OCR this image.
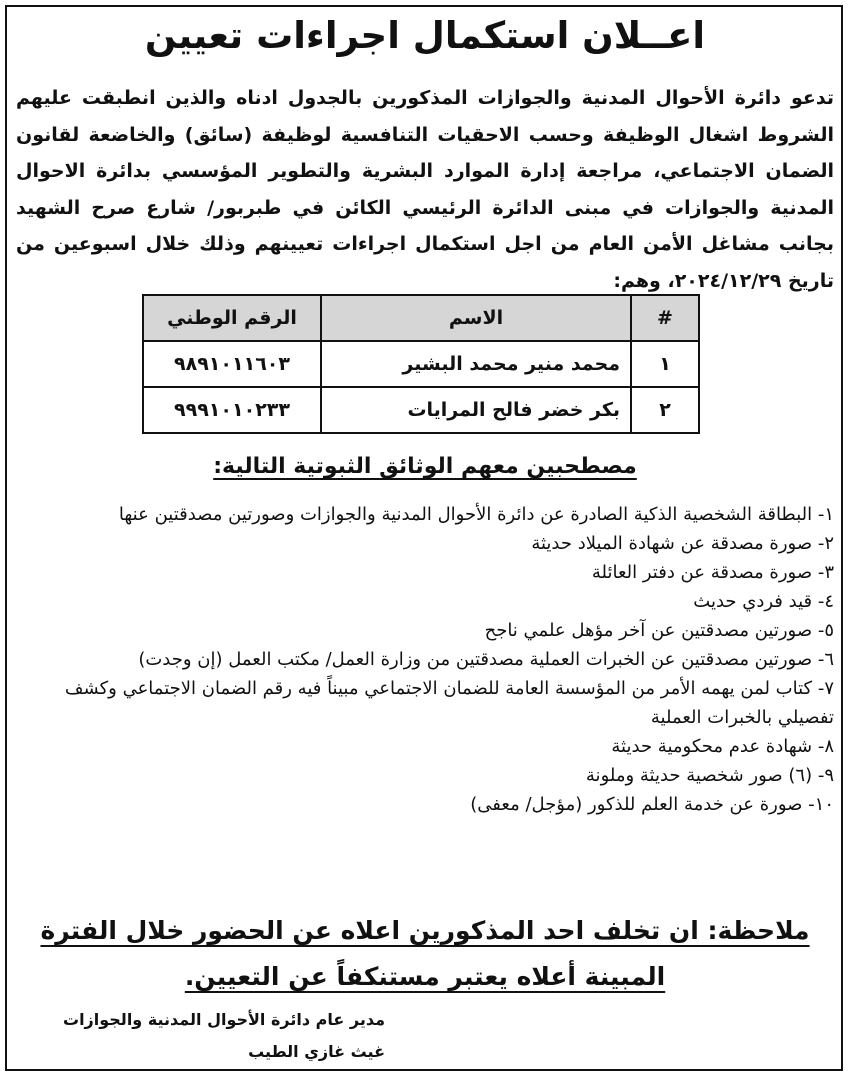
اعــلان استكمال اجراءات تعيين

تدعو دائرة الأحوال المدنية والجوازات المذكورين بالجدول ادناه والذين انطبقت عليهم الشروط اشغال الوظيفة وحسب الاحقيات التنافسية لوظيفة (سائق) والخاضعة لقانون الضمان الاجتماعي، مراجعة إدارة الموارد البشرية والتطوير المؤسسي بدائرة الاحوال المدنية والجوازات في مبنى الدائرة الرئيسي الكائن في طبربور/ شارع صرح الشهيد بجانب مشاغل الأمن العام من اجل استكمال اجراءات تعيينهم وذلك خلال اسبوعين من تاريخ ٢٠٢٤/١٢/٢٩، وهم:

#	الاسم	الرقم الوطني
١	محمد منير محمد البشير	٩٨٩١٠١١٦٠٣
٢	بكر خضر فالح المرايات	٩٩٩١٠١٠٢٣٣
مصطحبين معهم الوثائق الثبوتية التالية:
١- البطاقة الشخصية الذكية الصادرة عن دائرة الأحوال المدنية والجوازات وصورتين مصدقتين عنها
٢- صورة مصدقة عن شهادة الميلاد حديثة
٣- صورة مصدقة عن دفتر العائلة
٤- قيد فردي حديث
٥- صورتين مصدقتين عن آخر مؤهل علمي ناجح
٦- صورتين مصدقتين عن الخبرات العملية مصدقتين من وزارة العمل/ مكتب العمل (إن وجدت)
٧- كتاب لمن يهمه الأمر من المؤسسة العامة للضمان الاجتماعي مبيناً فيه رقم الضمان الاجتماعي وكشف تفصيلي بالخبرات العملية
٨- شهادة عدم محكومية حديثة
٩- (٦) صور شخصية حديثة وملونة
١٠- صورة عن خدمة العلم للذكور (مؤجل/ معفى)

ملاحظة: ان تخلف احد المذكورين اعلاه عن الحضور خلال الفترة المبينة أعلاه يعتبر مستنكفاً عن التعيين.

مدير عام دائرة الأحوال المدنية والجوازات
غيث غازي الطيب
